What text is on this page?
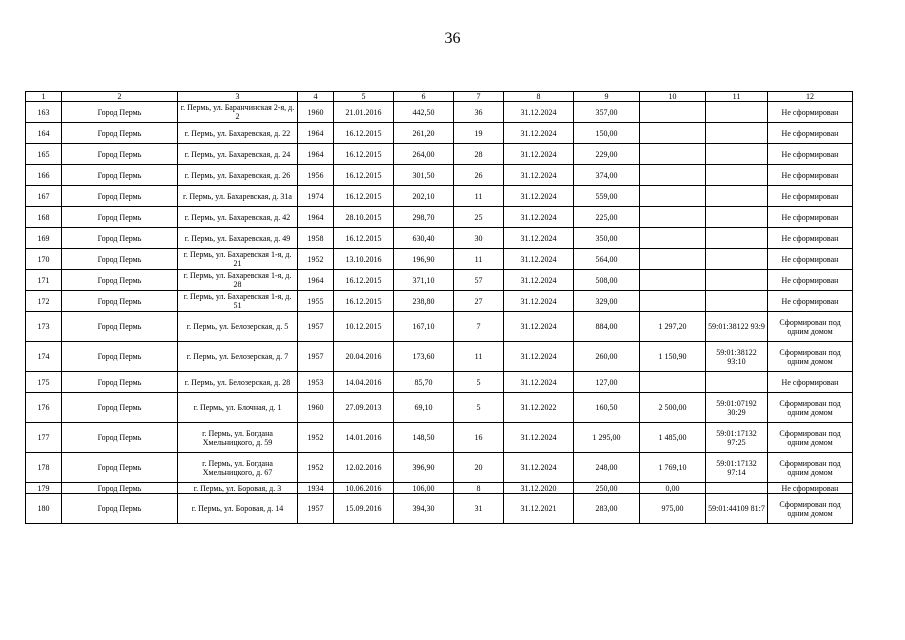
36
1	2	3	4	5	6	7	8	9	10	11	12
163	Город Пермь	г. Пермь, ул. Баранчинская 2-я, д. 2	1960	21.01.2016	442,50	36	31.12.2024	357,00			Не сформирован
164	Город Пермь	г. Пермь, ул. Бахаревская, д. 22	1964	16.12.2015	261,20	19	31.12.2024	150,00			Не сформирован
165	Город Пермь	г. Пермь, ул. Бахаревская, д. 24	1964	16.12.2015	264,00	28	31.12.2024	229,00			Не сформирован
166	Город Пермь	г. Пермь, ул. Бахаревская, д. 26	1956	16.12.2015	301,50	26	31.12.2024	374,00			Не сформирован
167	Город Пермь	г. Пермь, ул. Бахаревская, д. 31а	1974	16.12.2015	202,10	11	31.12.2024	559,00			Не сформирован
168	Город Пермь	г. Пермь, ул. Бахаревская, д. 42	1964	28.10.2015	298,70	25	31.12.2024	225,00			Не сформирован
169	Город Пермь	г. Пермь, ул. Бахаревская, д. 49	1958	16.12.2015	630,40	30	31.12.2024	350,00			Не сформирован
170	Город Пермь	г. Пермь, ул. Бахаревская 1-я, д. 21	1952	13.10.2016	196,90	11	31.12.2024	564,00			Не сформирован
171	Город Пермь	г. Пермь, ул. Бахаревская 1-я, д. 28	1964	16.12.2015	371,10	57	31.12.2024	508,00			Не сформирован
172	Город Пермь	г. Пермь, ул. Бахаревская 1-я, д. 51	1955	16.12.2015	238,80	27	31.12.2024	329,00			Не сформирован
173	Город Пермь	г. Пермь, ул. Белозерская, д. 5	1957	10.12.2015	167,10	7	31.12.2024	884,00	1 297,20	59:01:38122 93:9	Сформирован под одним домом
174	Город Пермь	г. Пермь, ул. Белозерская, д. 7	1957	20.04.2016	173,60	11	31.12.2024	260,00	1 150,90	59:01:38122 93:10	Сформирован под одним домом
175	Город Пермь	г. Пермь, ул. Белозерская, д. 28	1953	14.04.2016	85,70	5	31.12.2024	127,00			Не сформирован
176	Город Пермь	г. Пермь, ул. Блочная, д. 1	1960	27.09.2013	69,10	5	31.12.2022	160,50	2 500,00	59:01:07192 30:29	Сформирован под одним домом
177	Город Пермь	г. Пермь, ул. Богдана Хмельницкого, д. 59	1952	14.01.2016	148,50	16	31.12.2024	1 295,00	1 485,00	59:01:17132 97:25	Сформирован под одним домом
178	Город Пермь	г. Пермь, ул. Богдана Хмельницкого, д. 67	1952	12.02.2016	396,90	20	31.12.2024	248,00	1 769,10	59:01:17132 97:14	Сформирован под одним домом
179	Город Пермь	г. Пермь, ул. Боровая, д. 3	1934	10.06.2016	106,00	8	31.12.2020	250,00	0,00		Не сформирован
180	Город Пермь	г. Пермь, ул. Боровая, д. 14	1957	15.09.2016	394,30	31	31.12.2021	283,00	975,00	59:01:44109 81:7	Сформирован под одним домом
